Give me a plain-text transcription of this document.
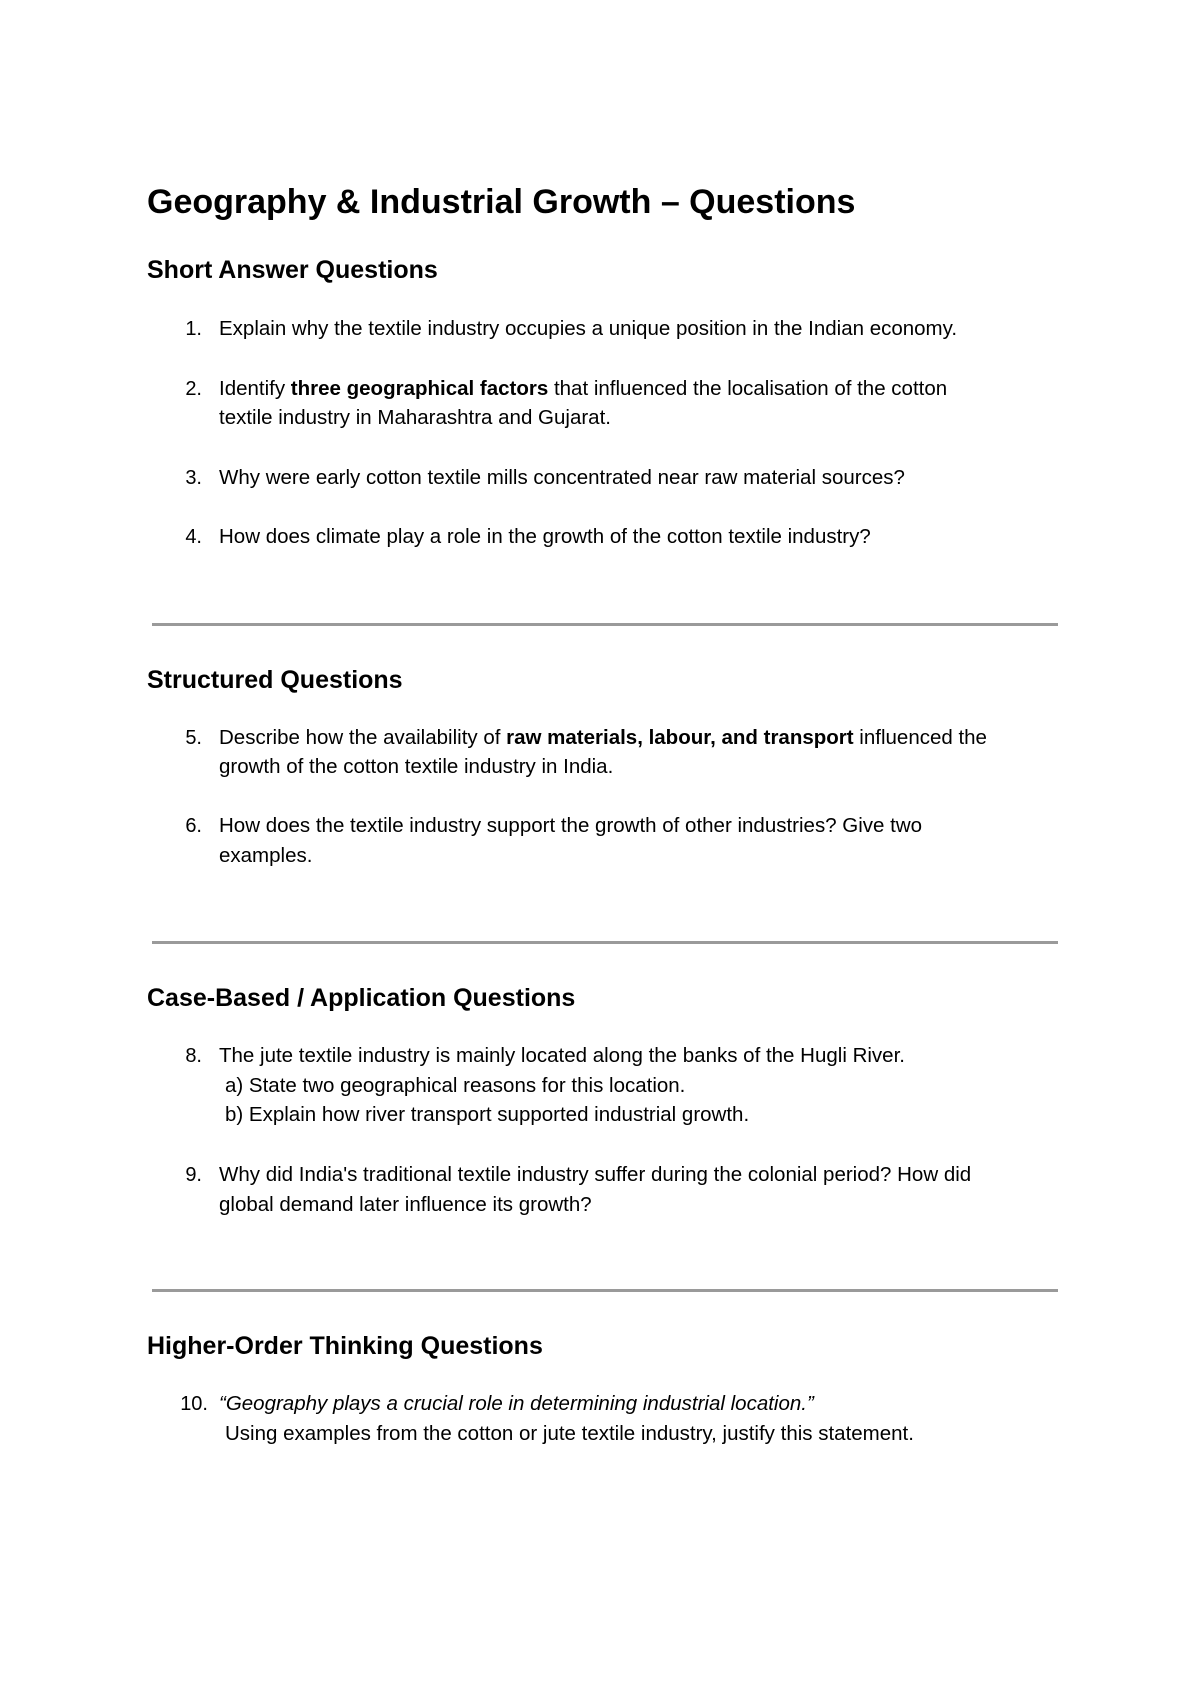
Geography & Industrial Growth – Questions
Short Answer Questions
1. Explain why the textile industry occupies a unique position in the Indian economy.
2. Identify three geographical factors that influenced the localisation of the cotton
textile industry in Maharashtra and Gujarat.
3. Why were early cotton textile mills concentrated near raw material sources?
4. How does climate play a role in the growth of the cotton textile industry?
Structured Questions
5. Describe how the availability of raw materials, labour, and transport influenced the
growth of the cotton textile industry in India.
6. How does the textile industry support the growth of other industries? Give two
examples.
Case-Based / Application Questions
8. The jute textile industry is mainly located along the banks of the Hugli River.
a) State two geographical reasons for this location.
b) Explain how river transport supported industrial growth.
9. Why did India's traditional textile industry suffer during the colonial period? How did
global demand later influence its growth?
Higher-Order Thinking Questions
10. “Geography plays a crucial role in determining industrial location.”
Using examples from the cotton or jute textile industry, justify this statement.
